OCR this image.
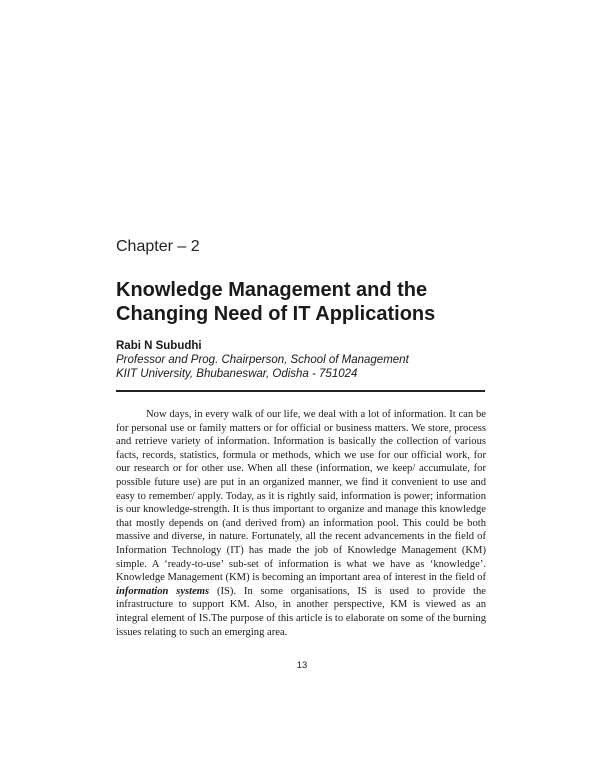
Chapter – 2
Knowledge Management and the
Changing Need of IT Applications
Rabi N Subudhi
Professor and Prog. Chairperson, School of Management
KIIT University, Bhubaneswar, Odisha - 751024

Now days, in every walk of our life, we deal with a lot of information. It can be for personal use or family matters or for official or business matters. We store, process and retrieve variety of information. Information is basically the collection of various facts, records, statistics, formula or methods, which we use for our official work, for our research or for other use. When all these (information, we keep/ accumulate, for possible future use) are put in an organized manner, we find it convenient to use and easy to remember/ apply. Today, as it is rightly said, information is power; information is our knowledge-strength. It is thus important to organize and manage this knowledge that mostly depends on (and derived from) an information pool. This could be both massive and diverse, in nature. Fortunately, all the recent advancements in the field of Information Technology (IT) has made the job of Knowledge Management (KM) simple. A ‘ready-to-use’ sub-set of information is what we have as ‘knowledge’. Knowledge Management (KM) is becoming an important area of interest in the field of information systems (IS). In some organisations, IS is used to provide the infrastructure to support KM. Also, in another perspective, KM is viewed as an integral element of IS.The purpose of this article is to elaborate on some of the burning issues relating to such an emerging area.

13
